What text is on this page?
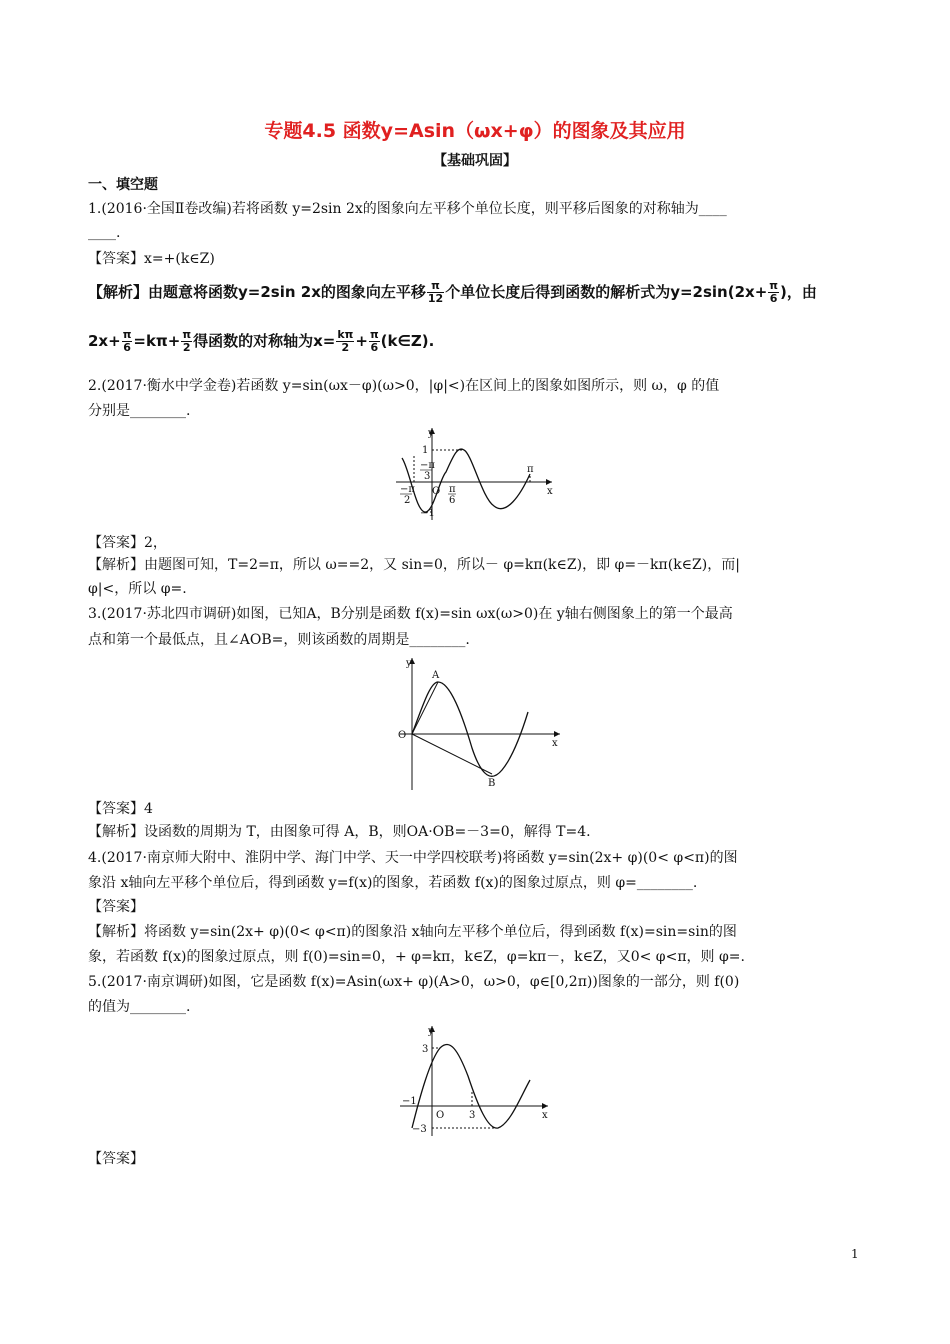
专题4.5 函数y=Asin（ωx+φ）的图象及其应用
【基础巩固】
一、填空题
1.(2016·全国Ⅱ卷改编)若将函数 y=2sin 2x的图象向左平移个单位长度，则平移后图象的对称轴为____
____.
【答案】x=+(k∈Z)
【解析】由题意将函数y=2sin 2x的图象向左平移 $\frac{\pi}{12}$ 个单位长度后得到函数的解析式为$y=2\sin(2x+ \frac{\pi}{6}$ )，由
$2x+ \frac{\pi}{6} =k\pi+ \frac{\pi}{2}$ 得函数的对称轴为$x= \frac{k\pi}{2} + \frac{\pi}{6}$ (k∈Z).
2.(2017·衡水中学金卷)若函数 y=sin(ωx－φ)(ω>0，|φ|<)在区间上的图象如图所示，则 ω，φ 的值
分别是________.
y
x
1
−π
3
O
−π
2
π
6
−1
π
【答案】2，
【解析】由题图可知，T=2=π，所以 ω==2，又 sin=0，所以－ φ=kπ(k∈Z)，即 φ=－kπ(k∈Z)，而|
φ|<，所以 φ=.
3.(2017·苏北四市调研)如图，已知A，B分别是函数 f(x)=sin ωx(ω>0)在 y轴右侧图象上的第一个最高
点和第一个最低点，且∠AOB=，则该函数的周期是________.
y
x
O
A
B
【答案】4
【解析】设函数的周期为 T，由图象可得 A，B，则OA·OB=－3=0，解得 T=4.
4.(2017·南京师大附中、淮阴中学、海门中学、天一中学四校联考)将函数 y=sin(2x+ φ)(0< φ<π)的图
象沿 x轴向左平移个单位后，得到函数 y=f(x)的图象，若函数 f(x)的图象过原点，则 φ=________.
【答案】
【解析】将函数 y=sin(2x+ φ)(0< φ<π)的图象沿 x轴向左平移个单位后，得到函数 f(x)=sin=sin的图
象，若函数 f(x)的图象过原点，则 f(0)=sin=0，+ φ=kπ，k∈Z，φ=kπ－，k∈Z，又0< φ<π，则 φ=.
5.(2017·南京调研)如图，它是函数 f(x)=Asin(ωx+ φ)(A>0，ω>0，φ∈[0,2π))图象的一部分，则 f(0)
的值为________.
y
x
3
−3
−1
O 3
【答案】
1
